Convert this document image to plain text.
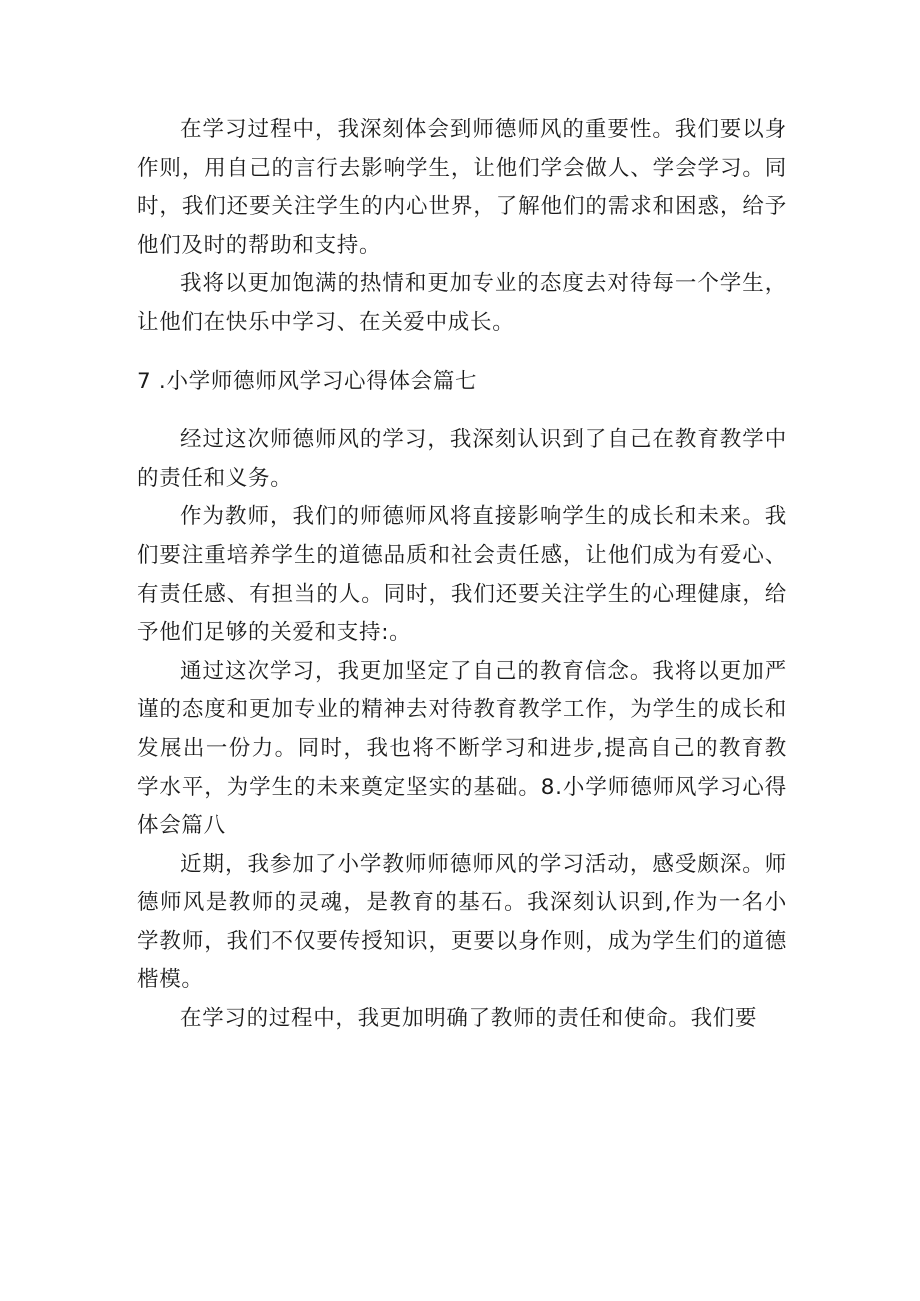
在学习过程中，我深刻体会到师德师风的重要性。我们要以身作则，用自己的言行去影响学生，让他们学会做人、学会学习。同时，我们还要关注学生的内心世界，了解他们的需求和困惑，给予他们及时的帮助和支持。

我将以更加饱满的热情和更加专业的态度去对待每一个学生，让他们在快乐中学习、在关爱中成长。

7 .小学师德师风学习心得体会篇七

经过这次师德师风的学习，我深刻认识到了自己在教育教学中的责任和义务。

作为教师，我们的师德师风将直接影响学生的成长和未来。我们要注重培养学生的道德品质和社会责任感，让他们成为有爱心、有责任感、有担当的人。同时，我们还要关注学生的心理健康，给予他们足够的关爱和支持:。

通过这次学习，我更加坚定了自己的教育信念。我将以更加严谨的态度和更加专业的精神去对待教育教学工作，为学生的成长和发展出一份力。同时，我也将不断学习和进步,提高自己的教育教学水平，为学生的未来奠定坚实的基础。8.小学师德师风学习心得体会篇八

近期，我参加了小学教师师德师风的学习活动，感受颇深。师德师风是教师的灵魂，是教育的基石。我深刻认识到,作为一名小学教师，我们不仅要传授知识，更要以身作则，成为学生们的道德楷模。

在学习的过程中，我更加明确了教师的责任和使命。我们要
